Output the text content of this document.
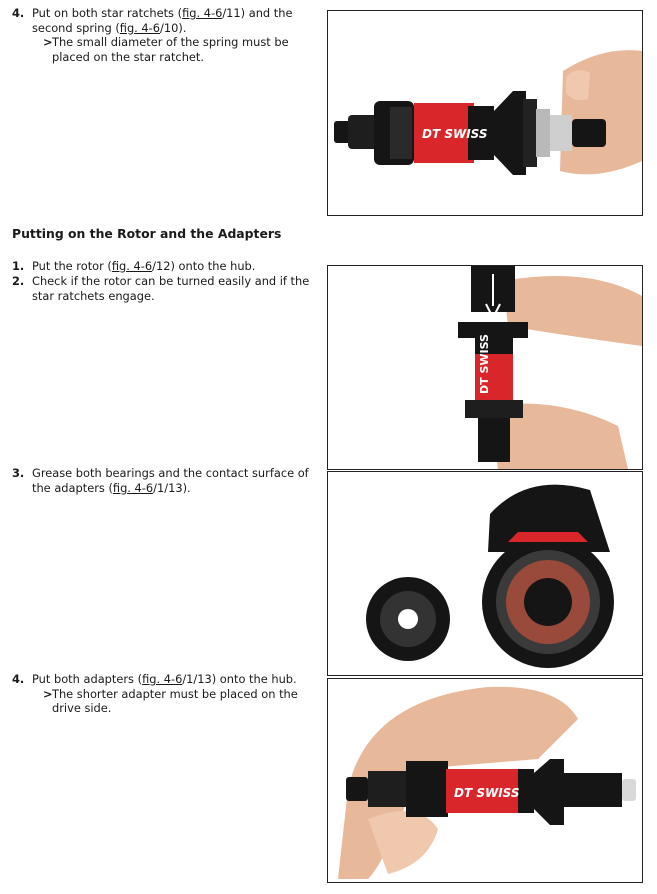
4. Put on both star ratchets (fig. 4-6/11) and the second spring (fig. 4-6/10).
> The small diameter of the spring must be placed on the star ratchet.
Putting on the Rotor and the Adapters
1. Put the rotor (fig. 4-6/12) onto the hub.
2. Check if the rotor can be turned easily and if the star ratchets engage.
3. Grease both bearings and the contact surface of the adapters (fig. 4-6/1/13).
4. Put both adapters (fig. 4-6/1/13) onto the hub.
> The shorter adapter must be placed on the drive side.
DT SWISS
DT SWISS
DT SWISS
